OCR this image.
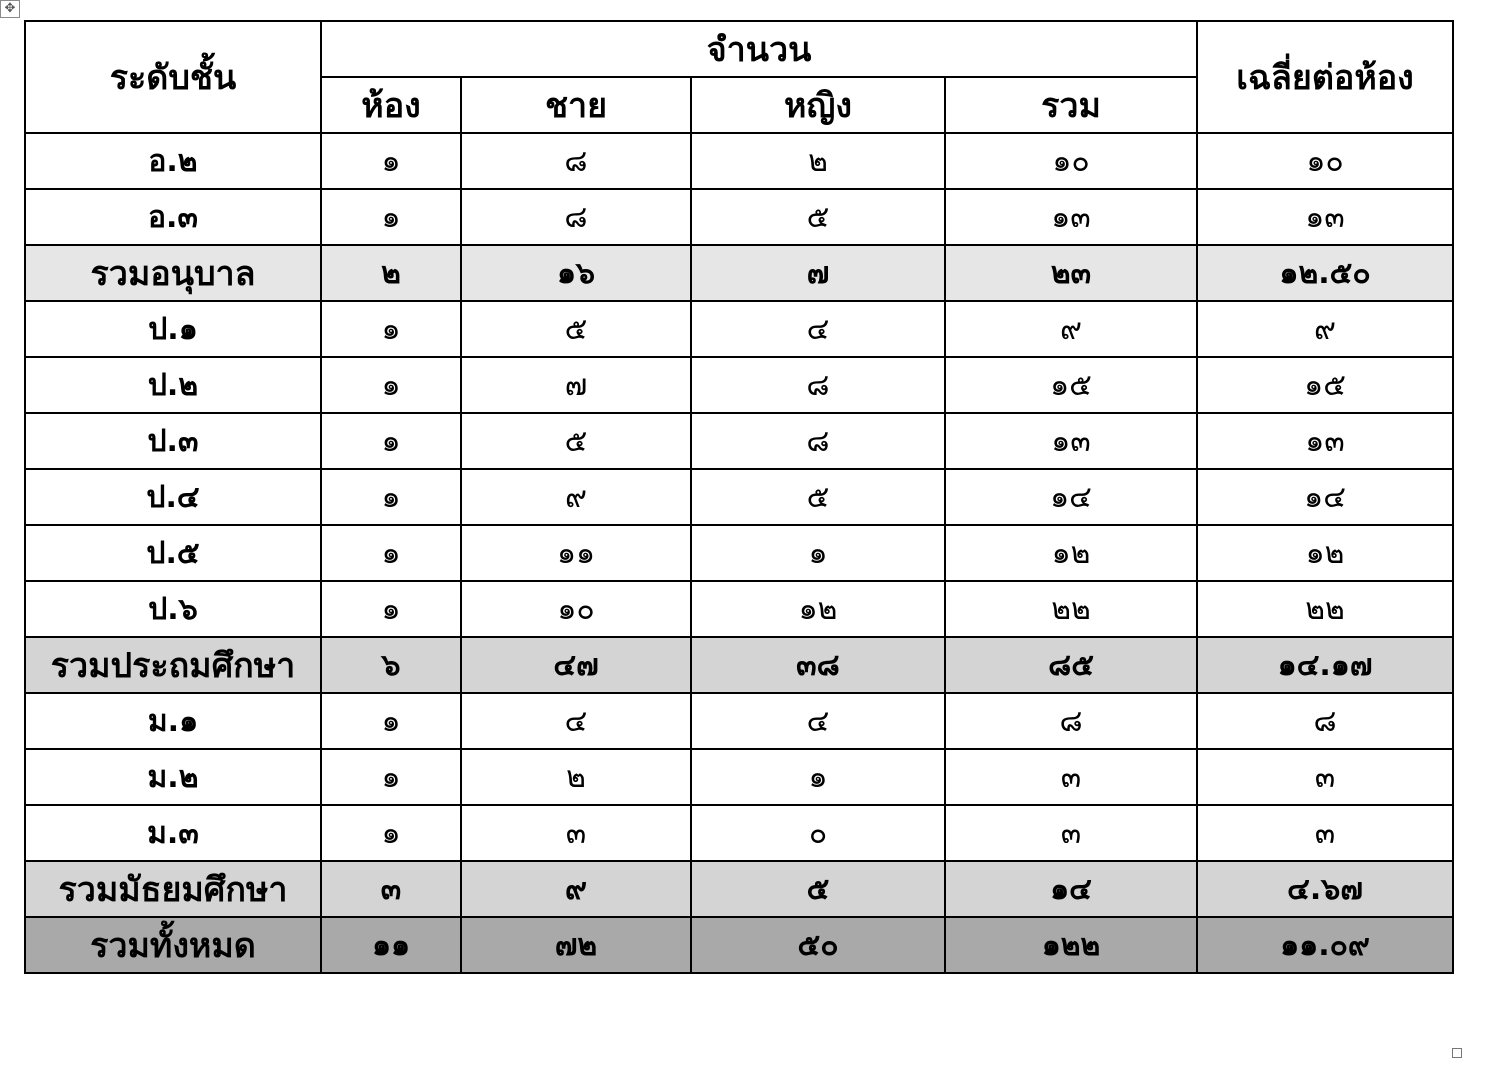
✥
ระดับชั้น	จำนวน				เฉลี่ยต่อห้อง
	ห้อง	ชาย	หญิง	รวม	
อ.๒	๑	๘	๒	๑๐	๑๐
อ.๓	๑	๘	๕	๑๓	๑๓
รวมอนุบาล	๒	๑๖	๗	๒๓	๑๒.๕๐
ป.๑	๑	๕	๔	๙	๙
ป.๒	๑	๗	๘	๑๕	๑๕
ป.๓	๑	๕	๘	๑๓	๑๓
ป.๔	๑	๙	๕	๑๔	๑๔
ป.๕	๑	๑๑	๑	๑๒	๑๒
ป.๖	๑	๑๐	๑๒	๒๒	๒๒
รวมประถมศึกษา	๖	๔๗	๓๘	๘๕	๑๔.๑๗
ม.๑	๑	๔	๔	๘	๘
ม.๒	๑	๒	๑	๓	๓
ม.๓	๑	๓	๐	๓	๓
รวมมัธยมศึกษา	๓	๙	๕	๑๔	๔.๖๗
รวมทั้งหมด	๑๑	๗๒	๕๐	๑๒๒	๑๑.๐๙
